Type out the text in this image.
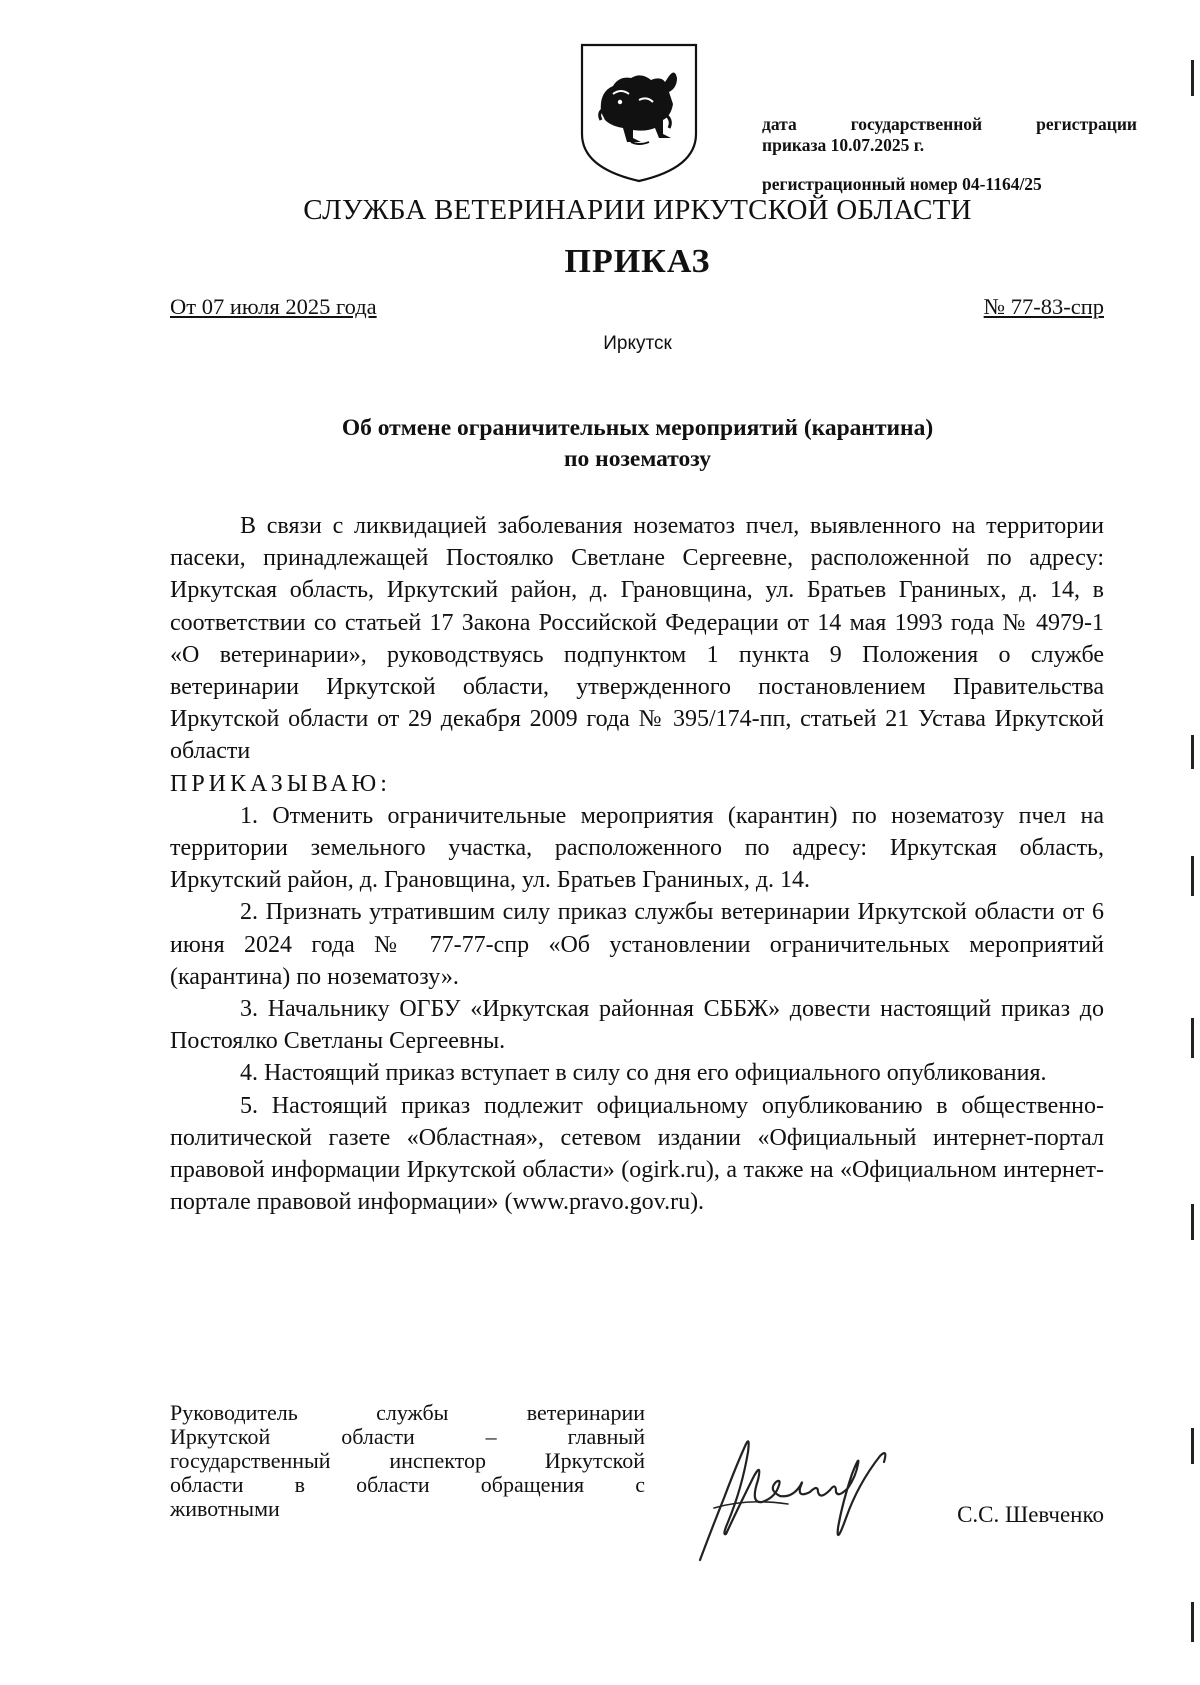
дата	государственной	регистрации
приказа 10.07.2025 г.
регистрационный номер 04-1164/25
СЛУЖБА ВЕТЕРИНАРИИ ИРКУТСКОЙ ОБЛАСТИ
ПРИКАЗ
От 07 июля 2025 года	№ 77-83-спр
Иркутск
Об отмене ограничительных мероприятий (карантина)
по нозематозу

В связи с ликвидацией заболевания нозематоз пчел, выявленного на территории пасеки, принадлежащей Постоялко Светлане Сергеевне, расположенной по адресу: Иркутская область, Иркутский район, д. Грановщина, ул. Братьев Граниных, д. 14, в соответствии со статьей 17 Закона Российской Федерации от 14 мая 1993 года № 4979-1 «О ветеринарии», руководствуясь подпунктом 1 пункта 9 Положения о службе ветеринарии Иркутской области, утвержденного постановлением Правительства Иркутской области от 29 декабря 2009 года № 395/174-пп, статьей 21 Устава Иркутской области

ПРИКАЗЫВАЮ:

1. Отменить ограничительные мероприятия (карантин) по нозематозу пчел на территории земельного участка, расположенного по адресу: Иркутская область, Иркутский район, д. Грановщина, ул. Братьев Граниных, д. 14.

2. Признать утратившим силу приказ службы ветеринарии Иркутской области от 6 июня 2024 года № 77-77-спр «Об установлении ограничительных мероприятий (карантина) по нозематозу».

3. Начальнику ОГБУ «Иркутская районная СББЖ» довести настоящий приказ до Постоялко Светланы Сергеевны.

4. Настоящий приказ вступает в силу со дня его официального опубликования.

5. Настоящий приказ подлежит официальному опубликованию в общественно-политической газете «Областная», сетевом издании «Официальный интернет-портал правовой информации Иркутской области» (ogirk.ru), а также на «Официальном интернет-портале правовой информации» (www.pravo.gov.ru).

Руководитель службы ветеринарии

Иркутской области – главный

государственный инспектор Иркутской

области в области обращения с

животными	С.С. Шевченко
